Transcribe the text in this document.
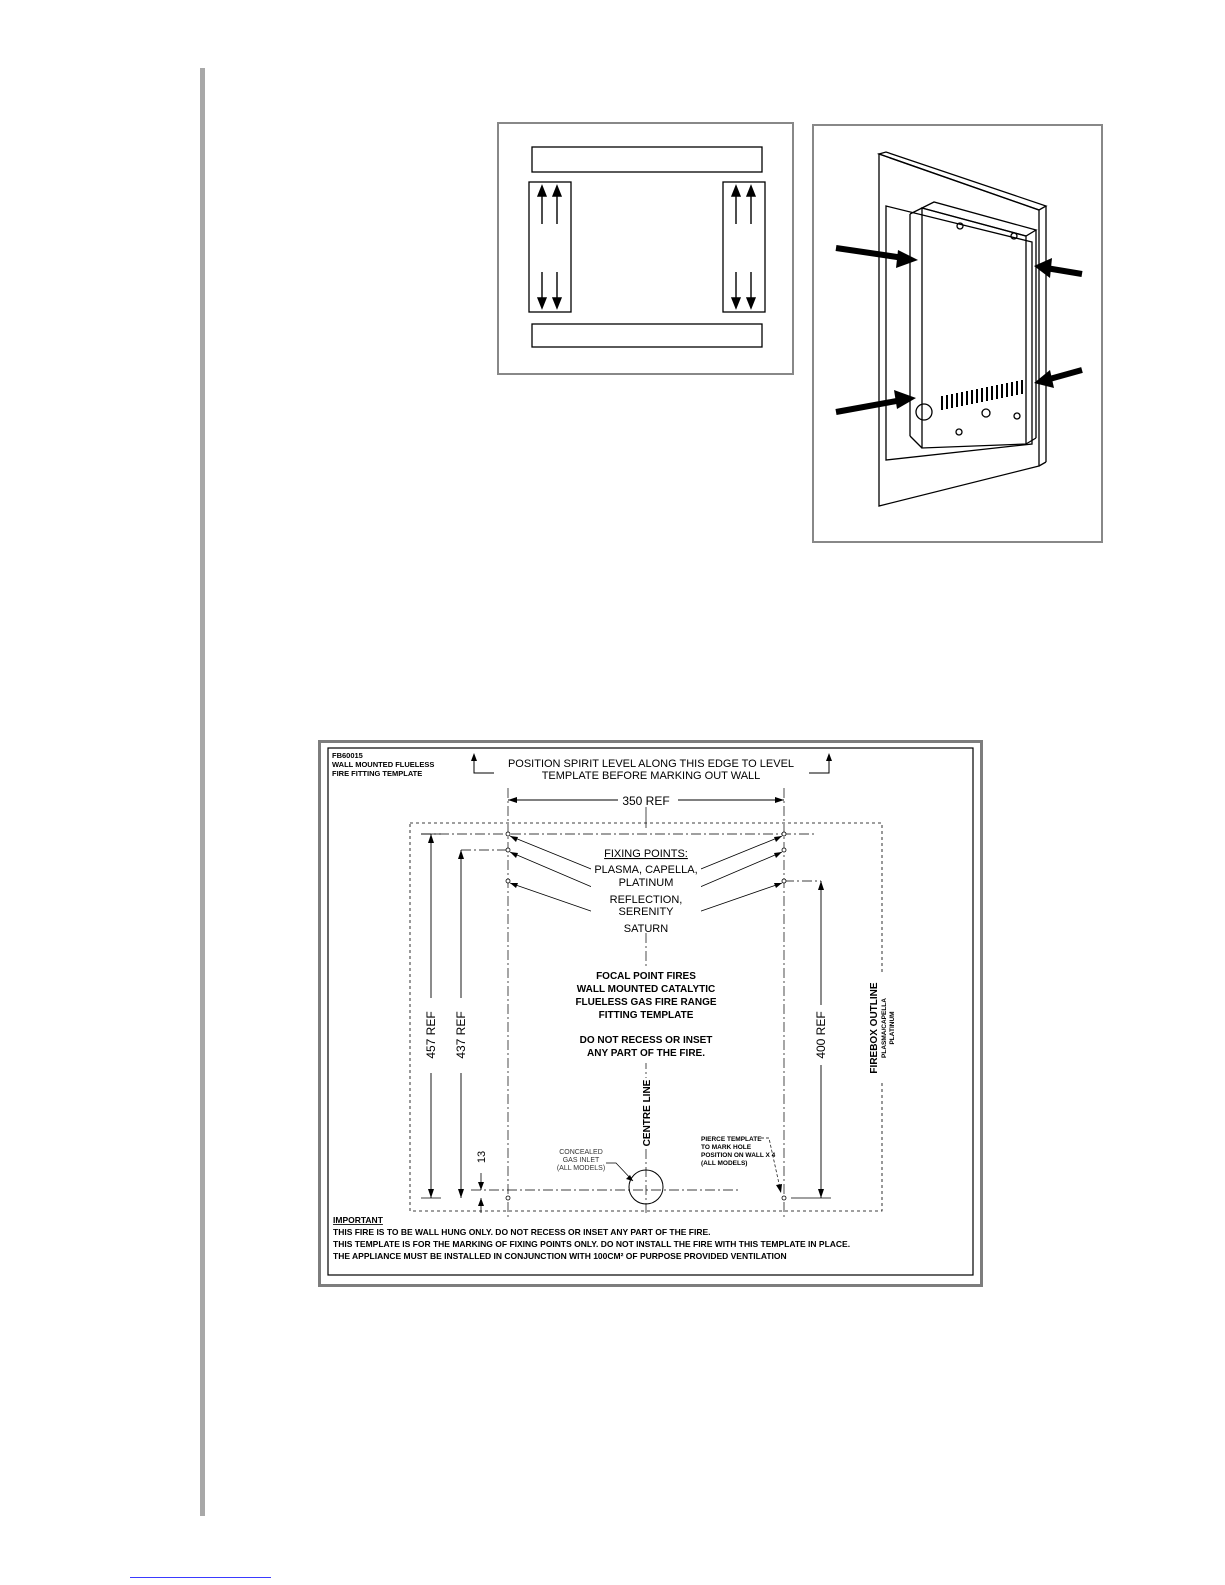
FB60015
WALL MOUNTED FLUELESS
FIRE FITTING TEMPLATE
POSITION SPIRIT LEVEL ALONG THIS EDGE TO LEVEL
TEMPLATE BEFORE MARKING OUT WALL
350 REF
457 REF 437 REF	400 REF
13
FIXING POINTS:
PLASMA, CAPELLA,
PLATINUM
REFLECTION,
SERENITY
SATURN
FOCAL POINT FIRES
WALL MOUNTED CATALYTIC
FLUELESS GAS FIRE RANGE
FITTING TEMPLATE
DO NOT RECESS OR INSET
ANY PART OF THE FIRE.	FIREBOX OUTLINE PLASMA/CAPELLA PLATINUM
CENTRE LINE
CONCEALED
GAS INLET
(ALL MODELS)
PIERCE TEMPLATE
TO MARK HOLE
POSITION ON WALL X 4
(ALL MODELS)
IMPORTANT
THIS FIRE IS TO BE WALL HUNG ONLY. DO NOT RECESS OR INSET ANY PART OF THE FIRE.
THIS TEMPLATE IS FOR THE MARKING OF FIXING POINTS ONLY. DO NOT INSTALL THE FIRE WITH THIS TEMPLATE IN PLACE.
THE APPLIANCE MUST BE INSTALLED IN CONJUNCTION WITH 100CM² OF PURPOSE PROVIDED VENTILATION
